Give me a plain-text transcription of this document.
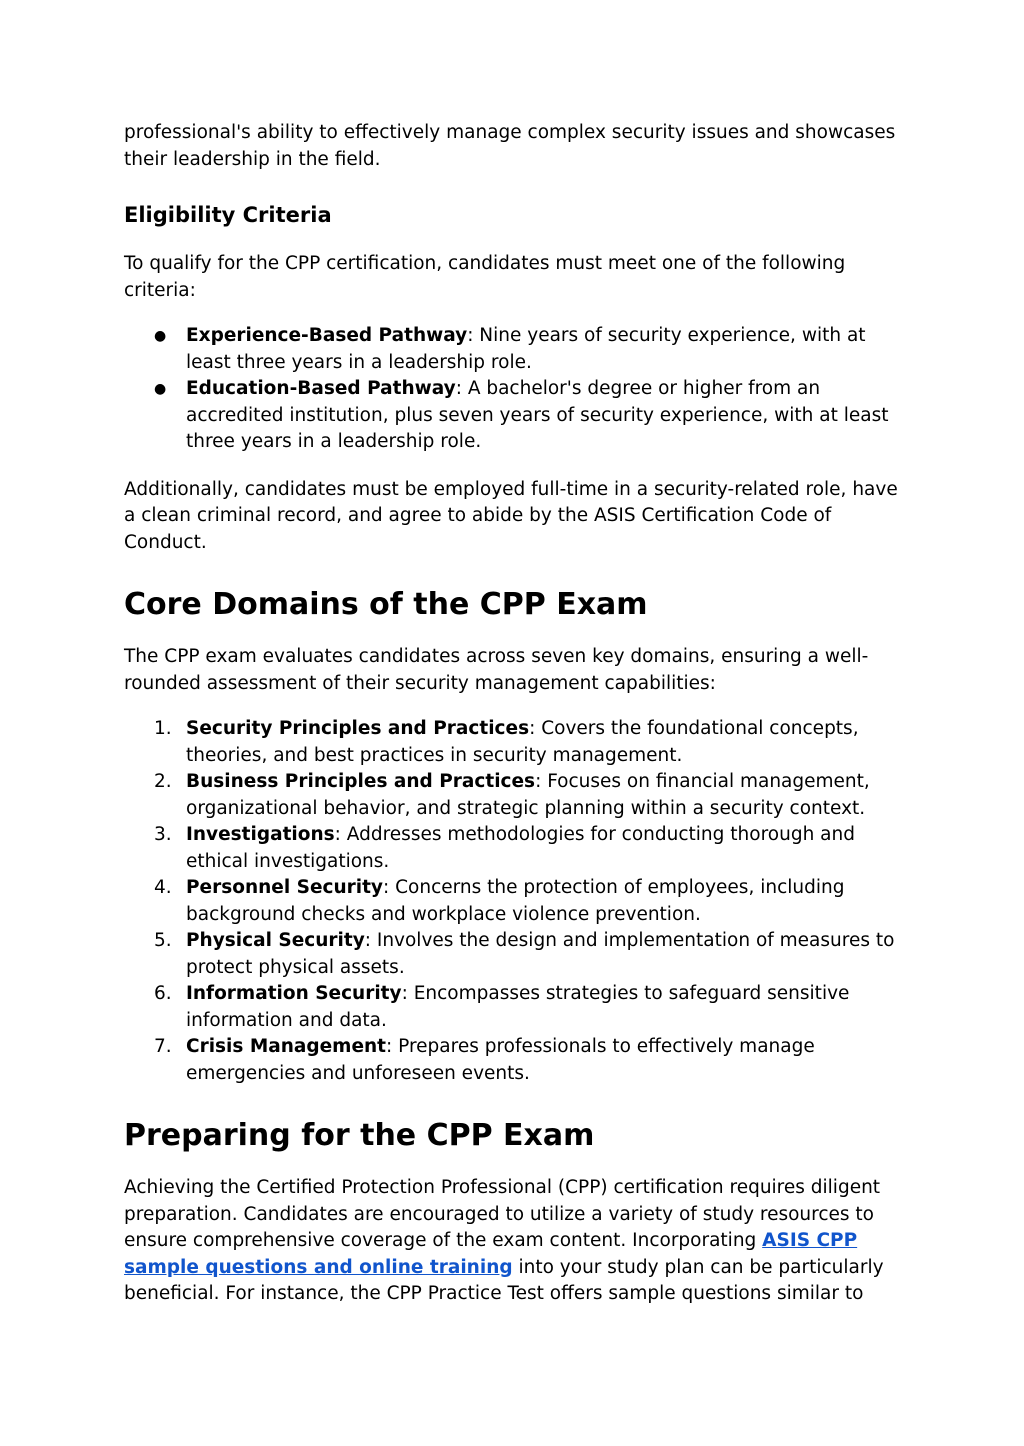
professional's ability to effectively manage complex security issues and showcases their leadership in the field.

Eligibility Criteria

To qualify for the CPP certification, candidates must meet one of the following criteria:

● Experience-Based Pathway: Nine years of security experience, with at least three years in a leadership role.
● Education-Based Pathway: A bachelor's degree or higher from an accredited institution, plus seven years of security experience, with at least three years in a leadership role.

Additionally, candidates must be employed full-time in a security-related role, have a clean criminal record, and agree to abide by the ASIS Certification Code of Conduct.

Core Domains of the CPP Exam

The CPP exam evaluates candidates across seven key domains, ensuring a well-rounded assessment of their security management capabilities:

1. Security Principles and Practices: Covers the foundational concepts, theories, and best practices in security management.
2. Business Principles and Practices: Focuses on financial management, organizational behavior, and strategic planning within a security context.
3. Investigations: Addresses methodologies for conducting thorough and ethical investigations.
4. Personnel Security: Concerns the protection of employees, including background checks and workplace violence prevention.
5. Physical Security: Involves the design and implementation of measures to protect physical assets.
6. Information Security: Encompasses strategies to safeguard sensitive information and data.
7. Crisis Management: Prepares professionals to effectively manage emergencies and unforeseen events.
Preparing for the CPP Exam

Achieving the Certified Protection Professional (CPP) certification requires diligent preparation. Candidates are encouraged to utilize a variety of study resources to ensure comprehensive coverage of the exam content. Incorporating ASIS CPP sample questions and online training into your study plan can be particularly beneficial. For instance, the CPP Practice Test offers sample questions similar to
